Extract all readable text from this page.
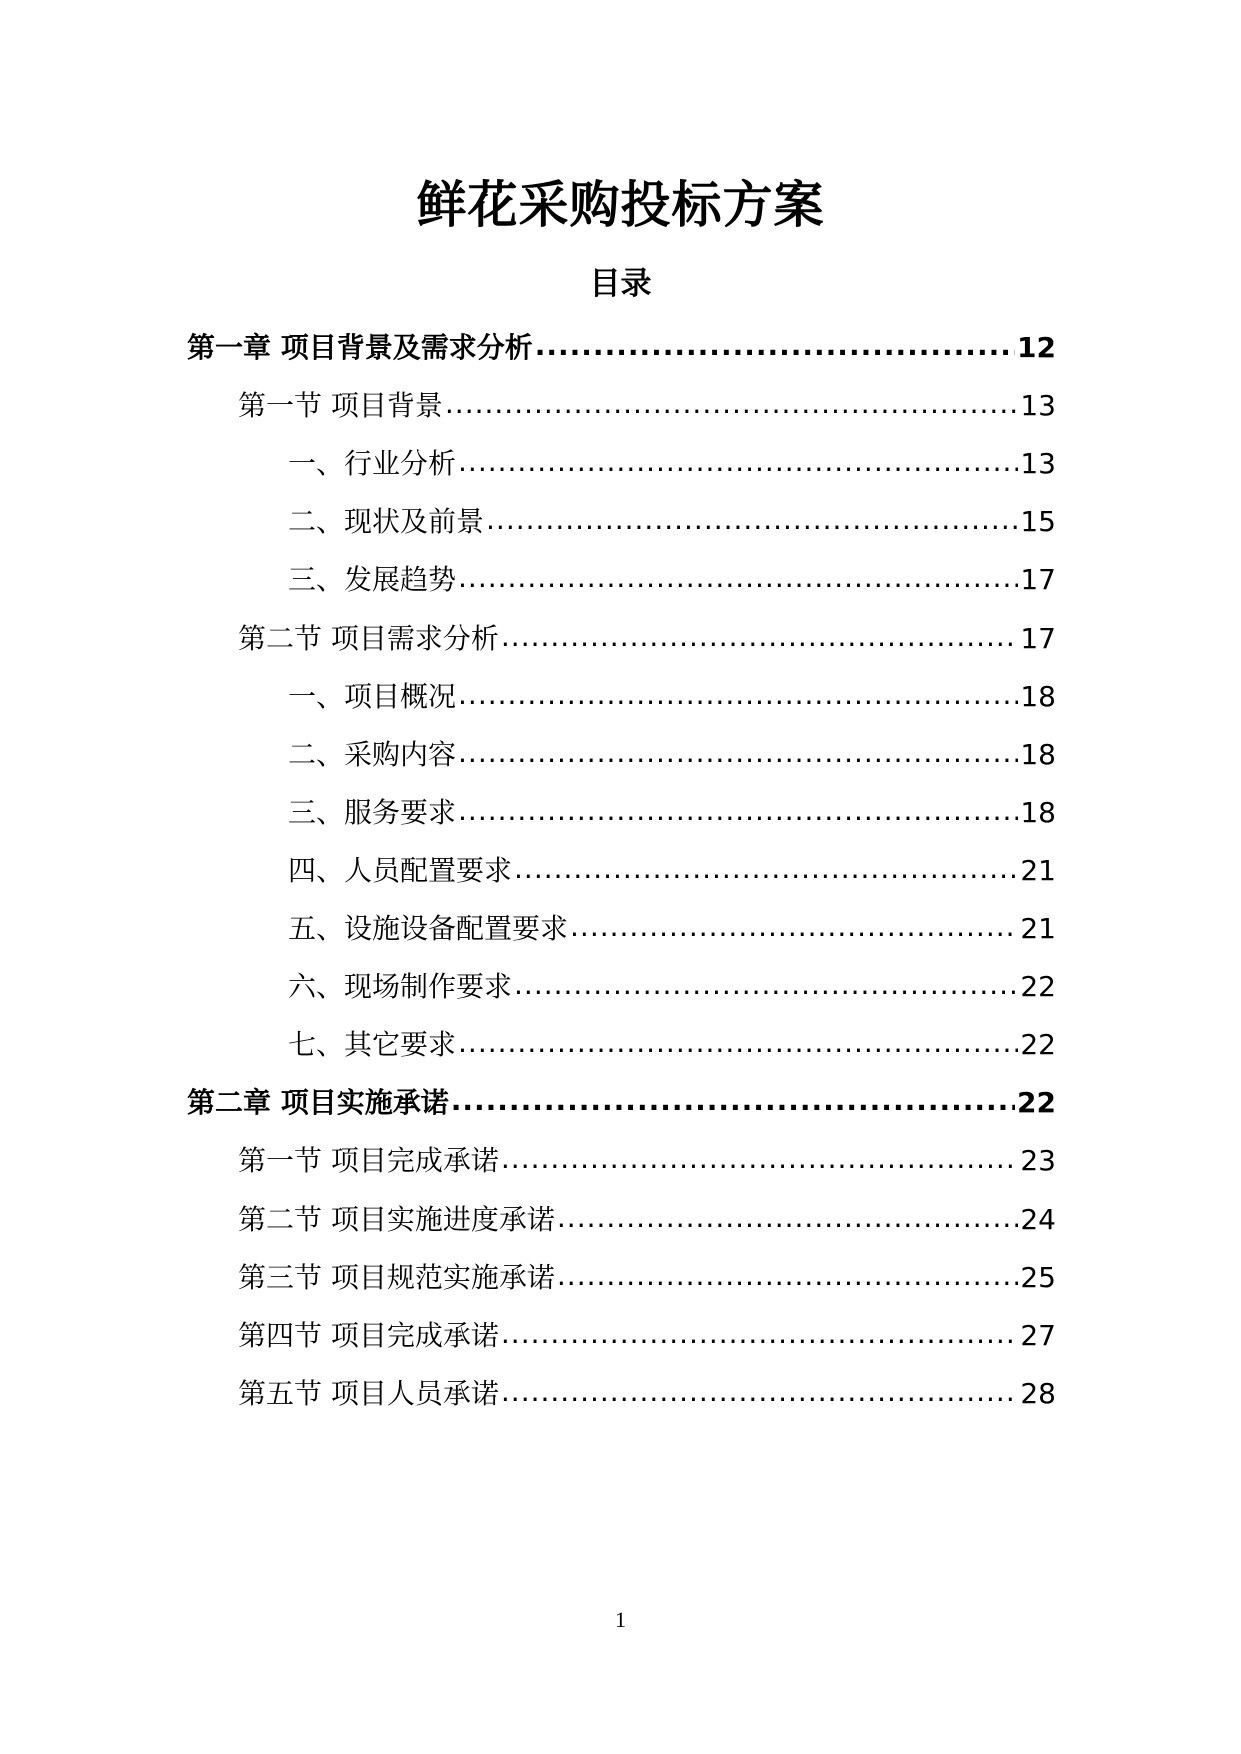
鲜花采购投标方案
目录
第一章 项目背景及需求分析 .....	12
第一节 项目背景 .....	13
一、行业分析 .....	13
二、现状及前景 .....	15
三、发展趋势 .....	17
第二节 项目需求分析 .....	17
一、项目概况 .....	18
二、采购内容 .....	18
三、服务要求 .....	18
四、人员配置要求 .....	21
五、设施设备配置要求 .....	21
六、现场制作要求 .....	22
七、其它要求 .....	22
第二章 项目实施承诺 .....	22
第一节 项目完成承诺 .....	23
第二节 项目实施进度承诺 .....	24
第三节 项目规范实施承诺 .....	25
第四节 项目完成承诺 .....	27
第五节 项目人员承诺 .....	28
1
